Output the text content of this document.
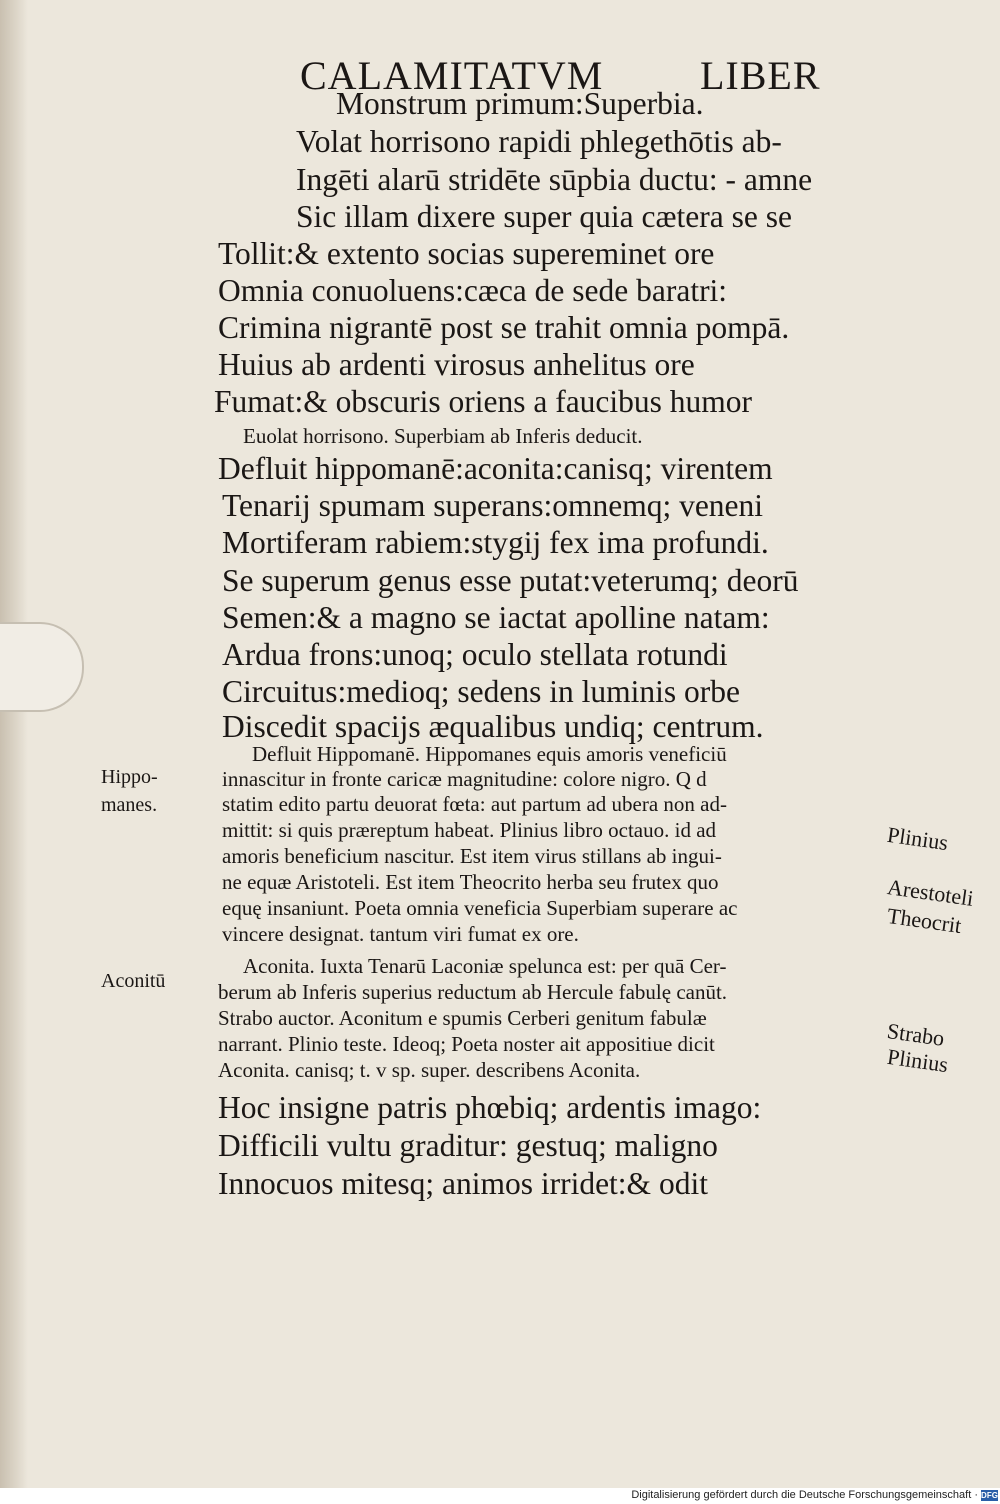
CALAMITATVM LIBER
Monstrum primum:Superbia.
Volat horrisono rapidi phlegethōtis ab-
Ingēti alarū stridēte sūpbia ductu: - amne
Sic illam dixere super quia cætera se se
Tollit:& extento socias supereminet ore
Omnia conuoluens:cæca de sede baratri:
Crimina nigrantē post se trahit omnia pompā.
Huius ab ardenti virosus anhelitus ore
Fumat:& obscuris oriens a faucibus humor
Euolat horrisono. Superbiam ab Inferis deducit.
Defluit hippomanē:aconita:canisq; virentem
Tenarij spumam superans:omnemq; veneni
Mortiferam rabiem:stygij fex ima profundi.
Se superum genus esse putat:veterumq; deorū
Semen:& a magno se iactat apolline natam:
Ardua frons:unoq; oculo stellata rotundi
Circuitus:medioq; sedens in luminis orbe
Discedit spacijs æqualibus undiq; centrum.
Defluit Hippomanē. Hippomanes equis amoris veneficiū
innascitur in fronte caricæ magnitudine: colore nigro. Q d
statim edito partu deuorat fœta: aut partum ad ubera non ad-
mittit: si quis præreptum habeat. Plinius libro octauo. id ad
amoris beneficium nascitur. Est item virus stillans ab ingui-
ne equæ Aristoteli. Est item Theocrito herba seu frutex quo
equę insaniunt. Poeta omnia veneficia Superbiam superare ac
vincere designat. tantum viri fumat ex ore.
Aconita. Iuxta Tenarū Laconiæ spelunca est: per quā Cer-
berum ab Inferis superius reductum ab Hercule fabulę canūt.
Strabo auctor. Aconitum e spumis Cerberi genitum fabulæ
narrant. Plinio teste. Ideoq; Poeta noster ait appositiue dicit
Aconita. canisq; t. v sp. super. describens Aconita.
Hoc insigne patris phœbiq; ardentis imago:
Difficili vultu graditur: gestuq; maligno
Innocuos mitesq; animos irridet:& odit
Hippo-
manes.
Aconitū
Plinius
Arestoteli
Theocrit
Strabo
Plinius
Digitalisierung gefördert durch die Deutsche Forschungsgemeinschaft · DFG
